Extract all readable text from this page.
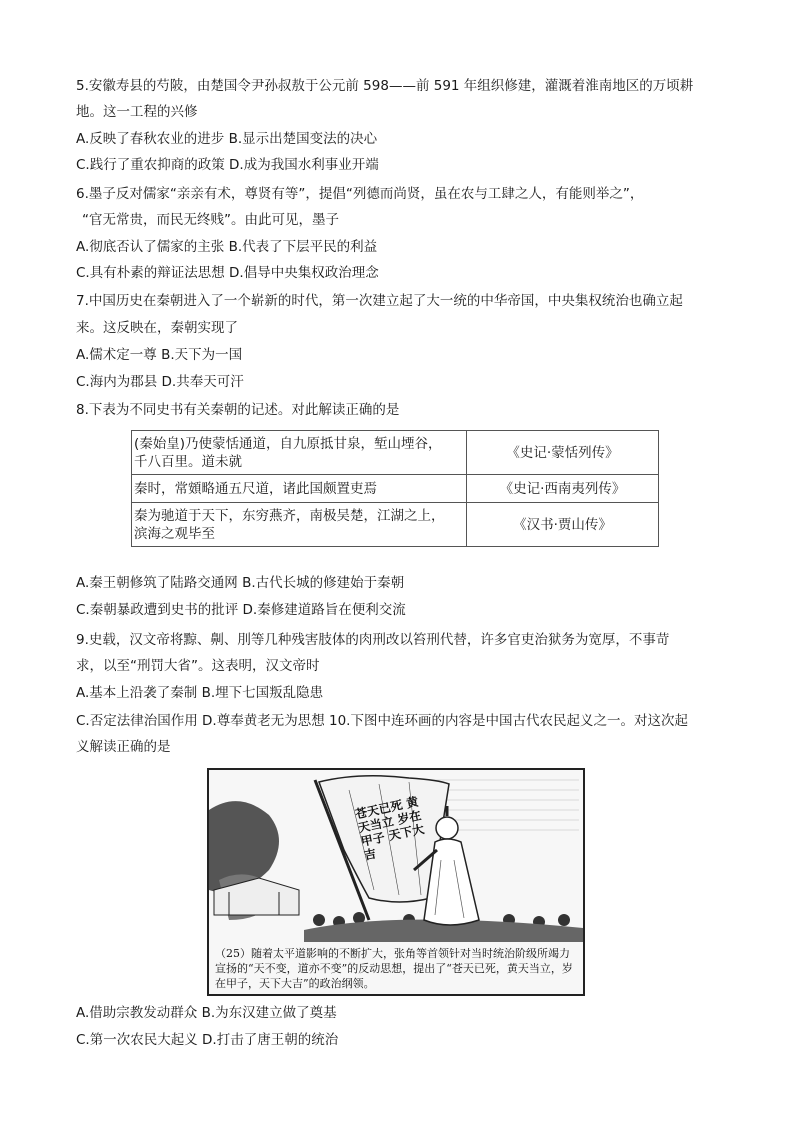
5.安徽寿县的芍陂，由楚国令尹孙叔敖于公元前 598——前 591 年组织修建，灌溉着淮南地区的万顷耕
地。这一工程的兴修
A.反映了春秋农业的进步 B.显示出楚国变法的决心
C.践行了重农抑商的政策 D.成为我国水利事业开端
6.墨子反对儒家“亲亲有术，尊贤有等”，提倡“列德而尚贤，虽在农与工肆之人，有能则举之”，
“官无常贵，而民无终贱”。由此可见，墨子
A.彻底否认了儒家的主张 B.代表了下层平民的利益
C.具有朴素的辩证法思想 D.倡导中央集权政治理念
7.中国历史在秦朝进入了一个崭新的时代，第一次建立起了大一统的中华帝国，中央集权统治也确立起
来。这反映在，秦朝实现了
A.儒术定一尊 B.天下为一国
C.海内为郡县 D.共奉天可汗
8.下表为不同史书有关秦朝的记述。对此解读正确的是
(秦始皇)乃使蒙恬通道，自九原抵甘泉，堑山堙谷，
千八百里。道未就	《史记·蒙恬列传》

秦时，常頞略通五尺道，诸此国颇置吏焉	《史记·西南夷列传》

秦为驰道于天下，东穷燕齐，南极吴楚，江湖之上，
滨海之观毕至	《汉书·贾山传》
A.秦王朝修筑了陆路交通网 B.古代长城的修建始于秦朝
C.秦朝暴政遭到史书的批评 D.秦修建道路旨在便利交流
9.史载，汉文帝将黥、劓、刖等几种残害肢体的肉刑改以笞刑代替，许多官吏治狱务为宽厚，不事苛
求，以至“刑罚大省”。这表明，汉文帝时
A.基本上沿袭了秦制 B.埋下七国叛乱隐患
C.否定法律治国作用 D.尊奉黄老无为思想 10.下图中连环画的内容是中国古代农民起义之一。对这次起
义解读正确的是
苍天已死 黄天当立 岁在甲子 天下大吉
（25）随着太平道影响的不断扩大，张角等首领针对当时统治阶级所竭力宣扬的“天不变，道亦不变”的反动思想，提出了“苍天已死，黄天当立，岁在甲子，天下大吉”的政治纲领。
A.借助宗教发动群众 B.为东汉建立做了奠基
C.第一次农民大起义 D.打击了唐王朝的统治
